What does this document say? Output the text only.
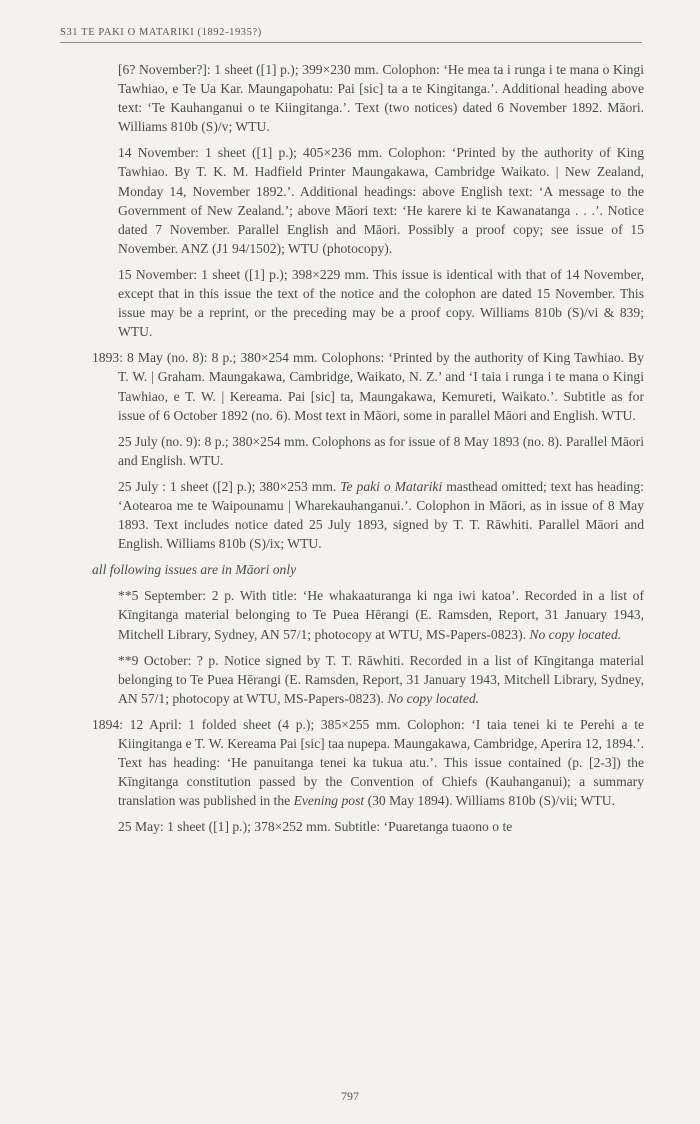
S31 TE PAKI O MATARIKI (1892-1935?)

[6? November?]: 1 sheet ([1] p.); 399×230 mm. Colophon: ‘He mea ta i runga i te mana o Kingi Tawhiao, e Te Ua Kar. Maungapohatu: Pai [sic] ta a te Kingitanga.’. Additional heading above text: ‘Te Kauhanganui o te Kiingitanga.’. Text (two notices) dated 6 November 1892. Māori. Williams 810b (S)/v; WTU.

14 November: 1 sheet ([1] p.); 405×236 mm. Colophon: ‘Printed by the authority of King Tawhiao. By T. K. M. Hadfield Printer Maungakawa, Cambridge Waikato. | New Zealand, Monday 14, November 1892.’. Additional headings: above English text: ‘A message to the Government of New Zealand.’; above Māori text: ‘He karere ki te Kawanatanga . . .’. Notice dated 7 November. Parallel English and Māori. Possibly a proof copy; see issue of 15 November. ANZ (J1 94/1502); WTU (photocopy).

15 November: 1 sheet ([1] p.); 398×229 mm. This issue is identical with that of 14 November, except that in this issue the text of the notice and the colophon are dated 15 November. This issue may be a reprint, or the preceding may be a proof copy. Williams 810b (S)/vi & 839; WTU.

1893: 8 May (no. 8): 8 p.; 380×254 mm. Colophons: ‘Printed by the authority of King Tawhiao. By T. W. | Graham. Maungakawa, Cambridge, Waikato, N. Z.’ and ‘I taia i runga i te mana o Kingi Tawhiao, e T. W. | Kereama. Pai [sic] ta, Maungakawa, Kemureti, Waikato.’. Subtitle as for issue of 6 October 1892 (no. 6). Most text in Māori, some in parallel Māori and English. WTU.

25 July (no. 9): 8 p.; 380×254 mm. Colophons as for issue of 8 May 1893 (no. 8). Parallel Māori and English. WTU.

25 July : 1 sheet ([2] p.); 380×253 mm. Te paki o Matariki masthead omitted; text has heading: ‘Aotearoa me te Waipounamu | Wharekauhanganui.’. Colophon in Māori, as in issue of 8 May 1893. Text includes notice dated 25 July 1893, signed by T. T. Rāwhiti. Parallel Māori and English. Williams 810b (S)/ix; WTU.

all following issues are in Māori only

**5 September: 2 p. With title: ‘He whakaaturanga ki nga iwi katoa’. Recorded in a list of Kīngitanga material belonging to Te Puea Hērangi (E. Ramsden, Report, 31 January 1943, Mitchell Library, Sydney, AN 57/1; photocopy at WTU, MS-Papers-0823). No copy located.

**9 October: ? p. Notice signed by T. T. Rāwhiti. Recorded in a list of Kīngitanga material belonging to Te Puea Hērangi (E. Ramsden, Report, 31 January 1943, Mitchell Library, Sydney, AN 57/1; photocopy at WTU, MS-Papers-0823). No copy located.

1894: 12 April: 1 folded sheet (4 p.); 385×255 mm. Colophon: ‘I taia tenei ki te Perehi a te Kiingitanga e T. W. Kereama Pai [sic] taa nupepa. Maungakawa, Cambridge, Aperira 12, 1894.’. Text has heading: ‘He panuitanga tenei ka tukua atu.’. This issue contained (p. [2-3]) the Kīngitanga constitution passed by the Convention of Chiefs (Kauhanganui); a summary translation was published in the Evening post (30 May 1894). Williams 810b (S)/vii; WTU.

25 May: 1 sheet ([1] p.); 378×252 mm. Subtitle: ‘Puaretanga tuaono o te

797
